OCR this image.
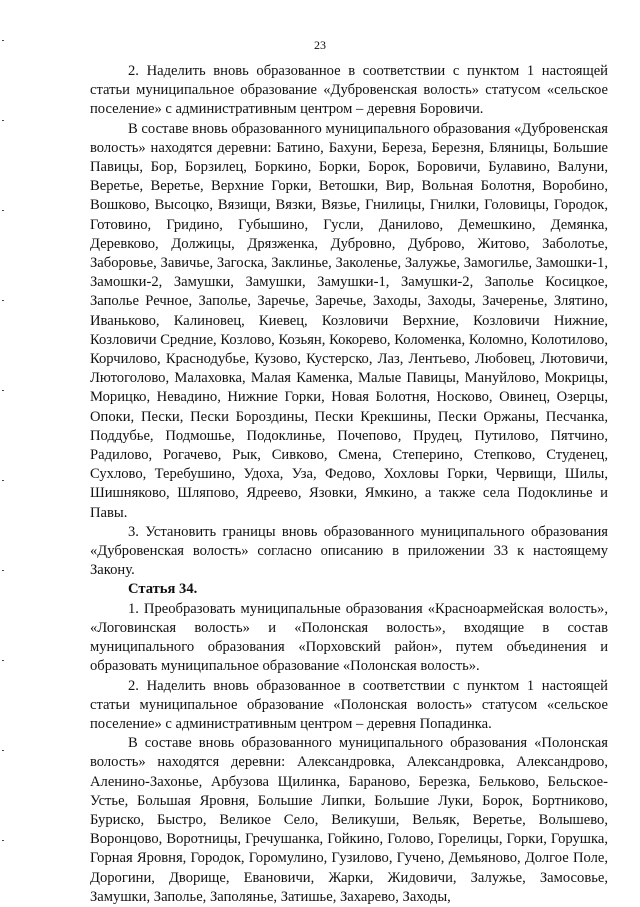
23

2. Наделить вновь образованное в соответствии с пунктом 1 настоящей статьи муниципальное образование «Дубровенская волость» статусом «сельское поселение» с административным центром – деревня Боровичи.

В составе вновь образованного муниципального образования «Дубровенская волость» находятся деревни: Батино, Бахуни, Береза, Березня, Бляницы, Большие Павицы, Бор, Борзилец, Боркино, Борки, Борок, Боровичи, Булавино, Валуни, Веретье, Веретье, Верхние Горки, Ветошки, Вир, Вольная Болотня, Воробино, Вошково, Высоцко, Вязищи, Вязки, Вязье, Гнилицы, Гнилки, Головицы, Городок, Готовино, Гридино, Губышино, Гусли, Данилово, Демешкино, Демянка, Деревково, Должицы, Дрязженка, Дубровно, Дуброво, Житово, Заболотье, Заборовье, Завичье, Загоска, Заклинье, Заколенье, Залужье, Замогилье, Замошки-1, Замошки-2, Замушки, Замушки, Замушки-1, Замушки-2, Заполье Косицкое, Заполье Речное, Заполье, Заречье, Заречье, Заходы, Заходы, Зачеренье, Злятино, Иваньково, Калиновец, Киевец, Козловичи Верхние, Козловичи Нижние, Козловичи Средние, Козлово, Козьян, Кокорево, Коломенка, Коломно, Колотилово, Корчилово, Краснодубье, Кузово, Кустерско, Лаз, Лентьево, Любовец, Лютовичи, Лютоголово, Малаховка, Малая Каменка, Малые Павицы, Мануйлово, Мокрицы, Морицко, Невадино, Нижние Горки, Новая Болотня, Носково, Овинец, Озерцы, Опоки, Пески, Пески Бороздины, Пески Крекшины, Пески Оржаны, Песчанка, Поддубье, Подмошье, Подоклинье, Почепово, Прудец, Путилово, Пятчино, Радилово, Рогачево, Рык, Сивково, Смена, Степерино, Степково, Студенец, Сухлово, Теребушино, Удоха, Уза, Федово, Хохловы Горки, Червищи, Шилы, Шишняково, Шляпово, Ядреево, Язовки, Ямкино, а также села Подоклинье и Павы.

3. Установить границы вновь образованного муниципального образования «Дубровенская волость» согласно описанию в приложении 33 к настоящему Закону.

Статья 34.

1. Преобразовать муниципальные образования «Красноармейская волость», «Логовинская волость» и «Полонская волость», входящие в состав муниципального образования «Порховский район», путем объединения и образовать муниципальное образование «Полонская волость».

2. Наделить вновь образованное в соответствии с пунктом 1 настоящей статьи муниципальное образование «Полонская волость» статусом «сельское поселение» с административным центром – деревня Попадинка.

В составе вновь образованного муниципального образования «Полонская волость» находятся деревни: Александровка, Александровка, Александрово, Аленино-Захонье, Арбузова Щилинка, Бараново, Березка, Бельково, Бельское-Устье, Большая Яровня, Большие Липки, Большие Луки, Борок, Бортниково, Буриско, Быстро, Великое Село, Великуши, Вельяк, Веретье, Волышево, Воронцово, Воротницы, Гречушанка, Гойкино, Голово, Горелицы, Горки, Горушка, Горная Яровня, Городок, Горомулино, Гузилово, Гучено, Демьяново, Долгое Поле, Дорогини, Дворище, Евановичи, Жарки, Жидовичи, Залужье, Замосовье, Замушки, Заполье, Заполянье, Затишье, Захарево, Заходы,
